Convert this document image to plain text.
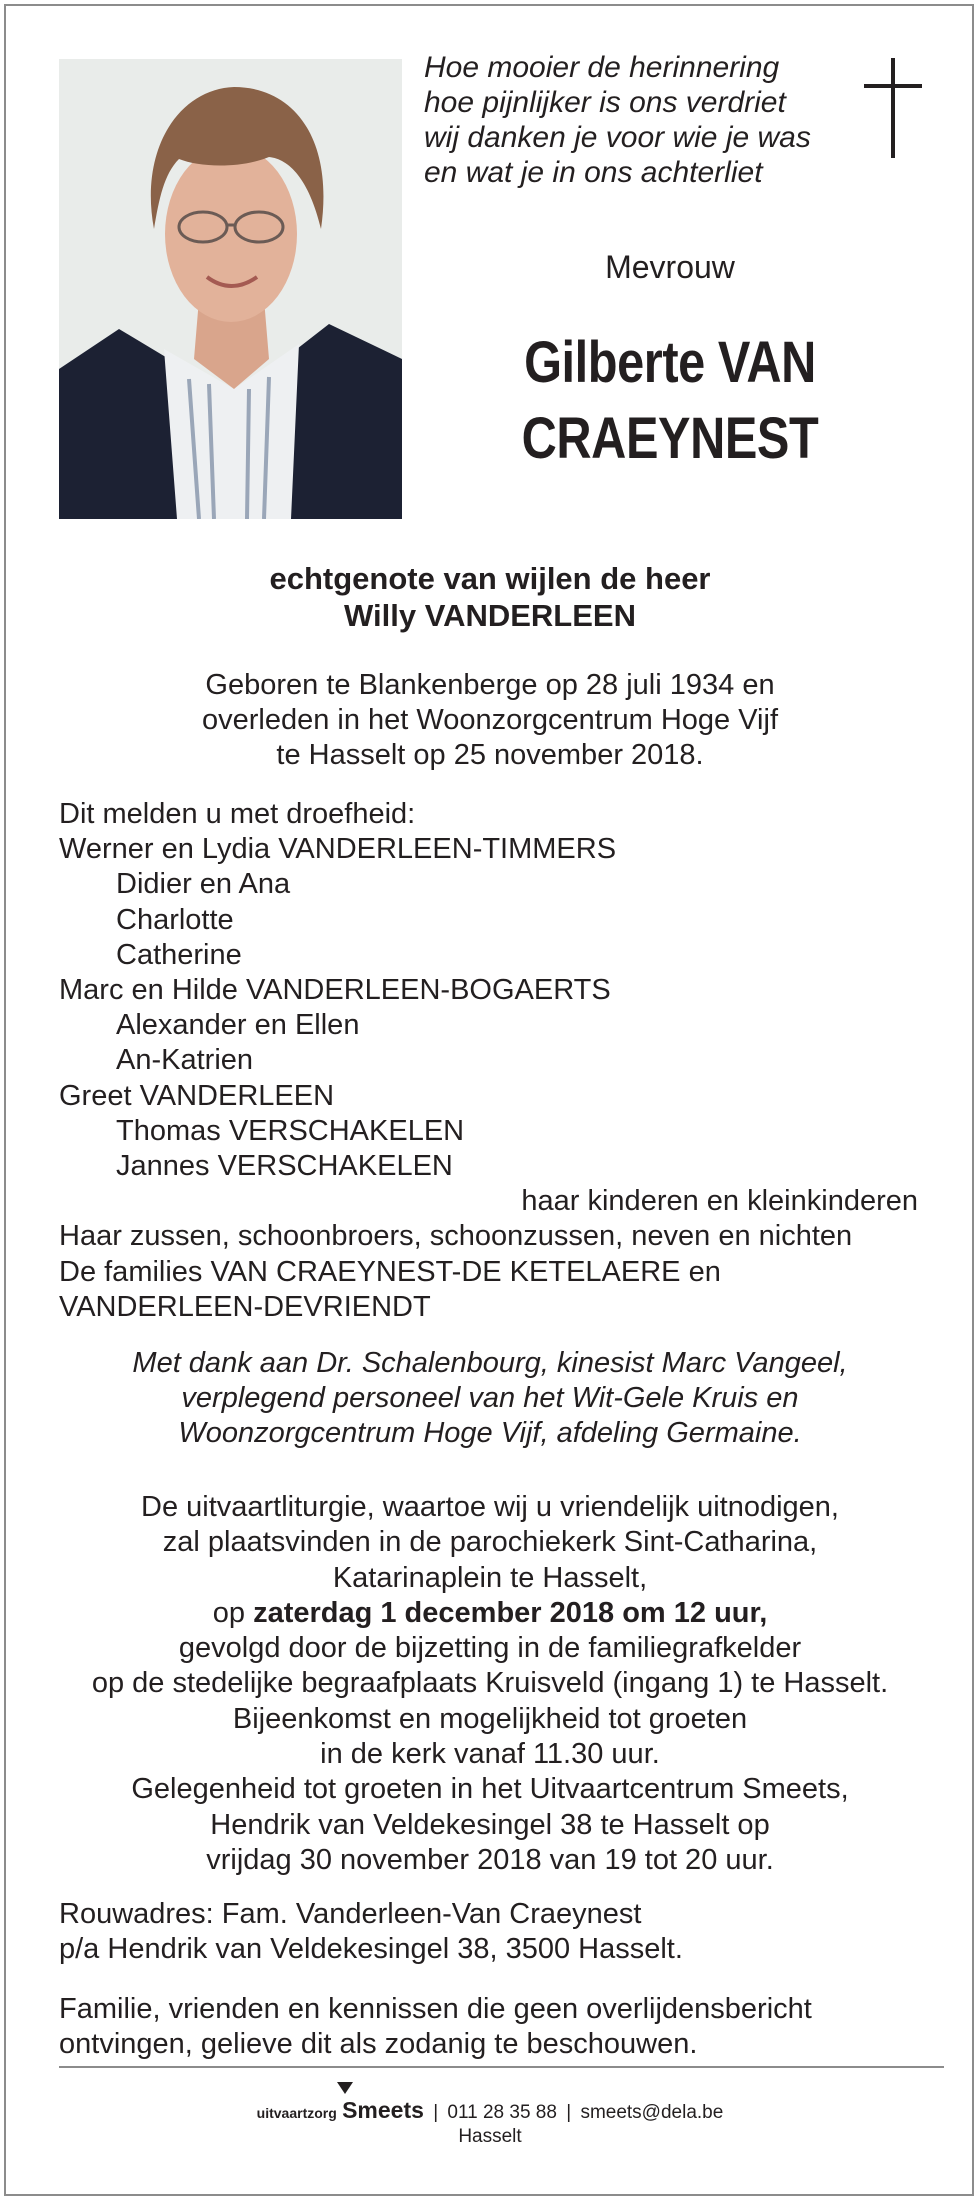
Hoe mooier de herinnering
hoe pijnlijker is ons verdriet
wij danken je voor wie je was
en wat je in ons achterliet
Mevrouw
Gilberte VAN
CRAEYNEST
echtgenote van wijlen de heer
Willy VANDERLEEN
Geboren te Blankenberge op 28 juli 1934 en
overleden in het Woonzorgcentrum Hoge Vijf
te Hasselt op 25 november 2018.
Dit melden u met droefheid:
Werner en Lydia VANDERLEEN-TIMMERS
Didier en Ana
Charlotte
Catherine
Marc en Hilde VANDERLEEN-BOGAERTS
Alexander en Ellen
An-Katrien
Greet VANDERLEEN
Thomas VERSCHAKELEN
Jannes VERSCHAKELEN
haar kinderen en kleinkinderen
Haar zussen, schoonbroers, schoonzussen, neven en nichten
De families VAN CRAEYNEST-DE KETELAERE en
VANDERLEEN-DEVRIENDT
Met dank aan Dr. Schalenbourg, kinesist Marc Vangeel,
verplegend personeel van het Wit-Gele Kruis en
Woonzorgcentrum Hoge Vijf, afdeling Germaine.
De uitvaartliturgie, waartoe wij u vriendelijk uitnodigen,
zal plaatsvinden in de parochiekerk Sint-Catharina,
Katarinaplein te Hasselt,
op zaterdag 1 december 2018 om 12 uur,
gevolgd door de bijzetting in de familiegrafkelder
op de stedelijke begraafplaats Kruisveld (ingang 1) te Hasselt.
Bijeenkomst en mogelijkheid tot groeten
in de kerk vanaf 11.30 uur.
Gelegenheid tot groeten in het Uitvaartcentrum Smeets,
Hendrik van Veldekesingel 38 te Hasselt op
vrijdag 30 november 2018 van 19 tot 20 uur.
Rouwadres: Fam. Vanderleen-Van Craeynest
p/a Hendrik van Veldekesingel 38, 3500 Hasselt.
Familie, vrienden en kennissen die geen overlijdensbericht
ontvingen, gelieve dit als zodanig te beschouwen.
uitvaartzorg Smeets | 011 28 35 88 | smeets@dela.be
Hasselt
